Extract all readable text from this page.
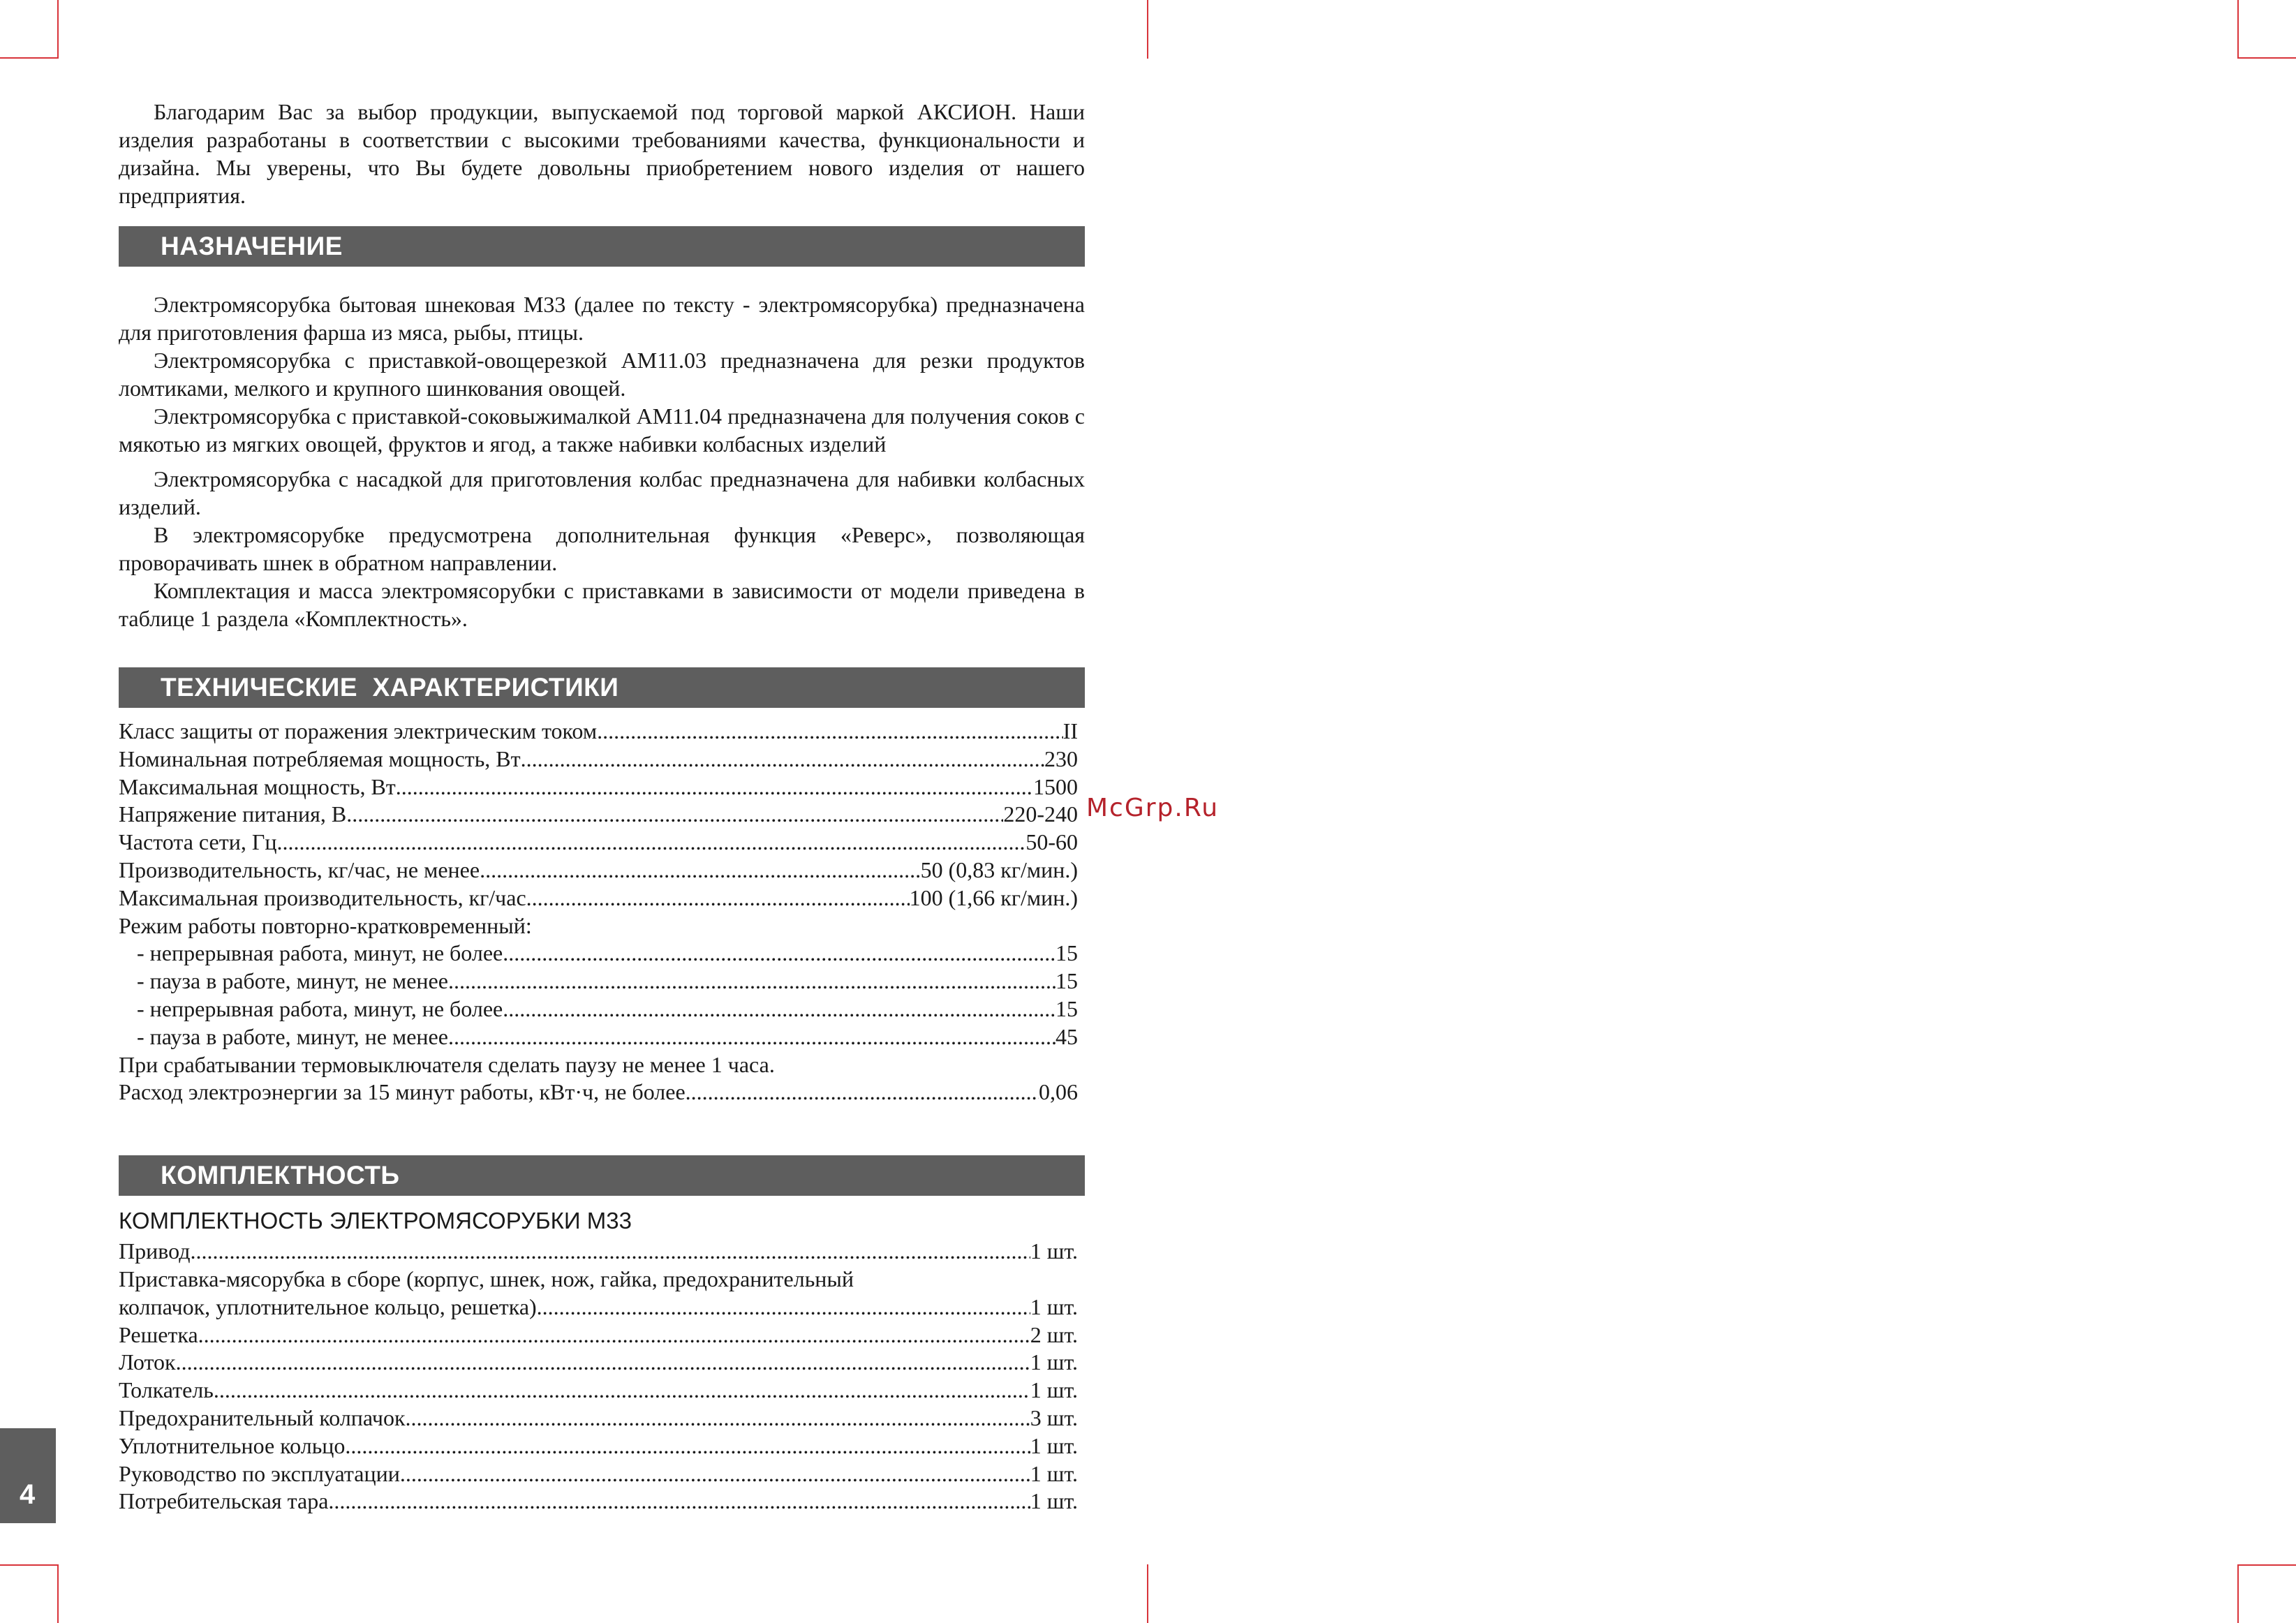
Благодарим Вас за выбор продукции, выпускаемой под торговой маркой АКСИОН. Наши изделия разработаны в соответствии с высокими требованиями качества, функциональности и дизайна. Мы уверены, что Вы будете довольны приобретением нового изделия от нашего предприятия.

НАЗНАЧЕНИЕ

Электромясорубка бытовая шнековая М33 (далее по тексту - электромясорубка) предназначена для приготовления фарша из мяса, рыбы, птицы.

Электромясорубка с приставкой-овощерезкой АМ11.03 предназначена для резки продуктов ломтиками, мелкого и крупного шинкования овощей.

Электромясорубка с приставкой-соковыжималкой АМ11.04 предназначена для получения соков с мякотью из мягких овощей, фруктов и ягод, а также набивки колбасных изделий

Электромясорубка с насадкой для приготовления колбас предназначена для набивки колбасных изделий.

В электромясорубке предусмотрена дополнительная функция «Реверс», позволяющая проворачивать шнек в обратном направлении.

Комплектация и масса электромясорубки с приставками в зависимости от модели приведена в таблице 1 раздела «Комплектность».

ТЕХНИЧЕСКИЕ  ХАРАКТЕРИСТИКИ
Класс защиты от поражения электрическим током .....	II
Номинальная потребляемая мощность, Вт .....	230
Максимальная мощность, Вт .....	1500
Напряжение питания, В .....	220-240
Частота сети, Гц .....	50-60
Производительность, кг/час, не менее .....	50 (0,83 кг/мин.)
Максимальная производительность, кг/час .....	100 (1,66 кг/мин.)
Режим работы повторно-кратковременный:
- непрерывная работа, минут, не более .....	15
- пауза в работе, минут, не менее .....	15
- непрерывная работа, минут, не более .....	15
- пауза в работе, минут, не менее .....	45
При срабатывании термовыключателя сделать паузу не менее 1 часа.
Расход электроэнергии за 15 минут работы, кВт·ч, не более .....	0,06
КОМПЛЕКТНОСТЬ
КОМПЛЕКТНОСТЬ ЭЛЕКТРОМЯСОРУБКИ М33
Привод .....	1 шт.
Приставка-мясорубка в сборе (корпус, шнек, нож, гайка, предохранительный
колпачок, уплотнительное кольцо, решетка) .....	1 шт.
Решетка .....	2 шт.
Лоток .....	1 шт.
Толкатель .....	1 шт.
Предохранительный колпачок .....	3 шт.
Уплотнительное кольцо .....	1 шт.
Руководство по эксплуатации .....	1 шт.
Потребительская тара .....	1 шт.
McGrp.Ru
4
